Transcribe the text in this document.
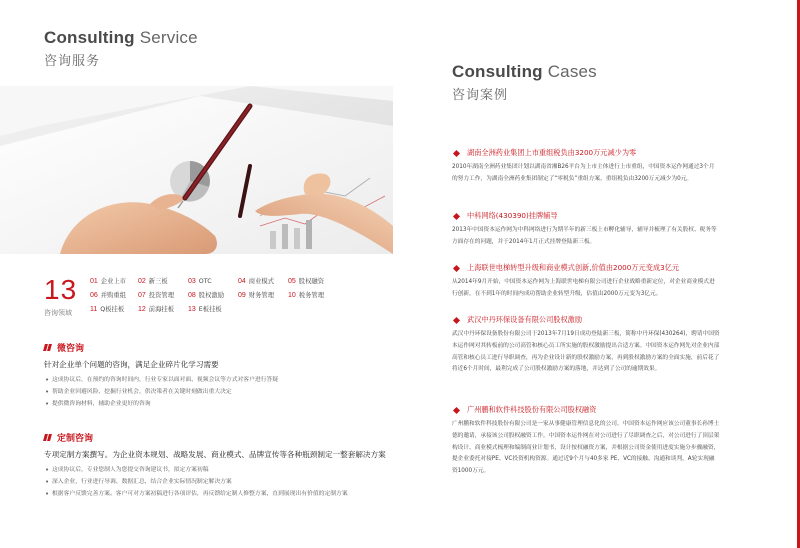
Consulting Service
咨询服务
13
咨询领域
01 企业上市	02 新三板	03 OTC	04 商业模式	05 股权融资
06 并购重组	07 投资管理	08 股权激励	09 财务管理	10 税务管理
11 Q板挂板	12 前海挂板	13 E板挂板
微咨询
针对企业单个问题的咨询，满足企业碎片化学习需要
• 这成协议后，在预约的咨询时间内，行业专家以面对面、视频会议等方式对客户进行答疑
• 帮助企业回避风险、挖掘行业机会，供决策者在关键时刻做出重大决定
• 提供微咨询材料，辅助企业更好的咨询
定制咨询
专项定制方案撰写。为企业资本规划、战略发展、商业模式、品牌宣传等各种瓶颈制定一整套解决方案
• 这成协议后，专业您制人为您提交咨询建议书，拟定方案初稿
• 深入企业，行业进行导调、数据汇总，结合企业实际情况制定解决方案
• 根据客户反馈完善方案。客户可对方案初稿进行各项评估，再反馈给定制人修整方案，直到展现出有价值的定制方案
Consulting Cases
咨询案例
湖南全洲药业集团上市重组税负由3200万元减少为零
2010年湖南全洲药业集团计划以湖南省湘B26平台为上市主体进行上市重组，中国资本运作网通过3个月的努力工作，为湖南全洲药业集团制定了“零税负”重组方案，重组税负由3200万元减少为0元。
中科网络(430390)挂牌辅导
2013年中国资本运作网为中科网络进行为期半年的新三板上市孵化辅导，辅导并梳理了有关股权、税务等方面存在的问题，并于2014年1月正式挂牌登陆新三板。
上海联世电梯转型升级和商业模式创新,价值由2000万元变成3亿元
从2014年9月开始，中国资本运作网为上海联世电梯有限公司进行企业战略重新定位，对企业商业模式进行创新，在不到1年的时间内成功帮助企业转型升级，估值由2000万元变为3亿元。
武汉中丹环保设备有限公司股权激励
武汉中丹环保设备股份有限公司于2013年7月19日成功登陆新三板，简称中丹环保(430264)，聘请中国资本运作网对其转板前的公司高管和核心员工所实施的股权激励提出合适方案。中国资本运作网先对企业内部高管和核心员工进行导职调查，再为企业设计新的股权激励方案，再到股权激励方案的全面实施，前后花了将近6个月时间，最利完成了公司股权激励方案的落地，并达到了公司的逾期效果。
广州鹏和软件科技股份有限公司股权融资
广州鹏和软件科技股份有限公司是一家从事健康管理信息化的公司。中国资本运作网应该公司董事长孙博士德的邀请，承接该公司股权融资工作。中国资本运作网在对公司进行了尽职调查之后，对公司进行了顶层架构设计、商业模式梳理和编制商业计划书，设计按权融资方案，并根据公司资金使用进度实施分步骤融资，提企业委托对接PE、VC投资机构资源。通过近9个月与40多家 PE、VC的接触、沟通和谈判，A轮实现融资1000万元。
